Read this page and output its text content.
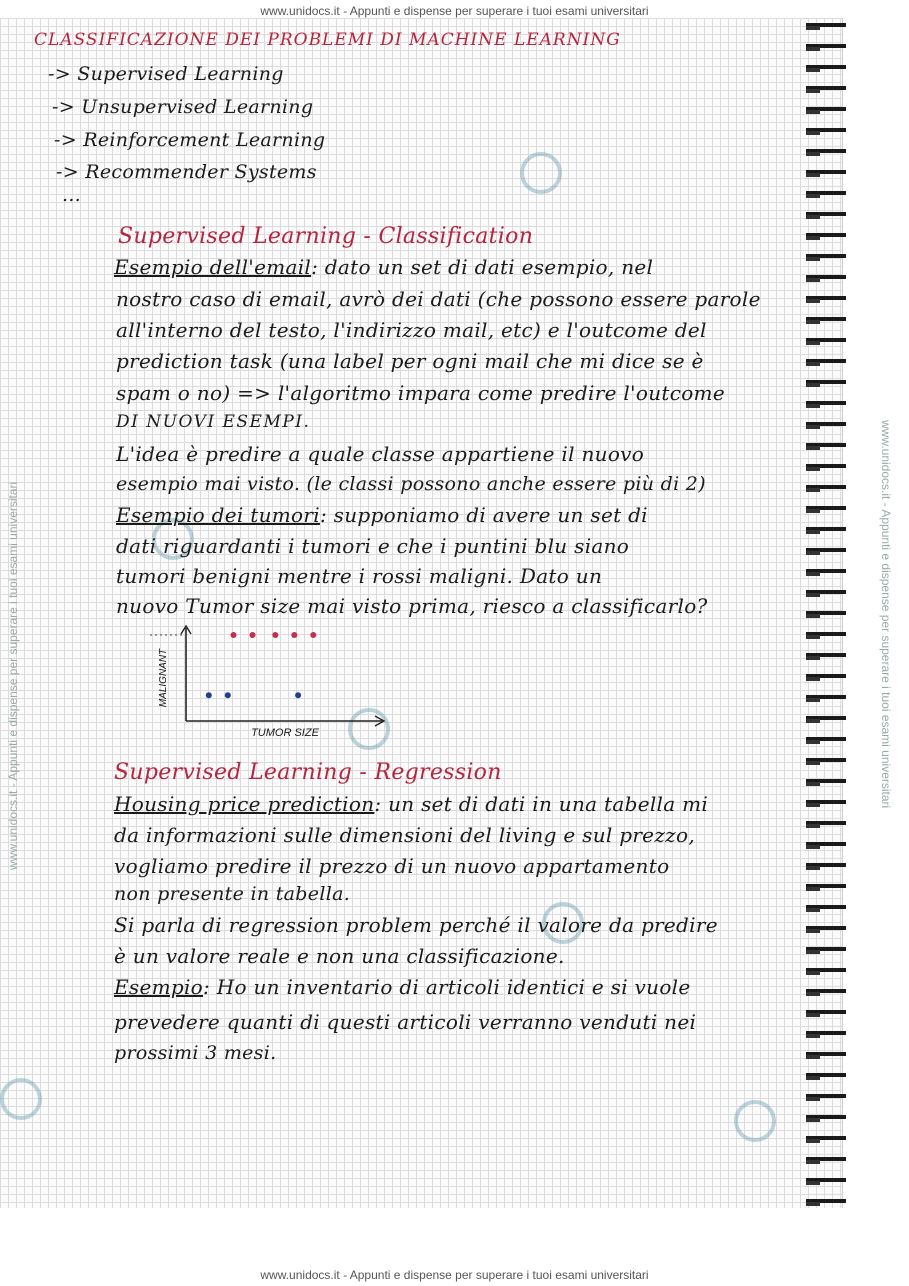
www.unidocs.it - Appunti e dispense per superare i tuoi esami universitari
www.unidocs.it - Appunti e dispense per superare i tuoi esami universitari	www.unidocs.it - Appunti e dispense per superare i tuoi esami universitari
CLASSIFICAZIONE DEI PROBLEMI DI MACHINE LEARNING
-> Supervised Learning
-> Unsupervised Learning
-> Reinforcement Learning
-> Recommender Systems
...
Supervised Learning - Classification
Esempio dell'email: dato un set di dati esempio, nel
nostro caso di email, avrò dei dati (che possono essere parole
all'interno del testo, l'indirizzo mail, etc) e l'outcome del
prediction task (una label per ogni mail che mi dice se è
spam o no) => l'algoritmo impara come predire l'outcome
DI NUOVI ESEMPI.
L'idea è predire a quale classe appartiene il nuovo
esempio mai visto. (le classi possono anche essere più di 2)
Esempio dei tumori: supponiamo di avere un set di
dati riguardanti i tumori e che i puntini blu siano
tumori benigni mentre i rossi maligni. Dato un
nuovo Tumor size mai visto prima, riesco a classificarlo?
MALIGNANT
TUMOR SIZE
Supervised Learning - Regression
Housing price prediction: un set di dati in una tabella mi
da informazioni sulle dimensioni del living e sul prezzo,
vogliamo predire il prezzo di un nuovo appartamento
non presente in tabella.
Si parla di regression problem perché il valore da predire
è un valore reale e non una classificazione.
Esempio: Ho un inventario di articoli identici e si vuole
prevedere quanti di questi articoli verranno venduti nei
prossimi 3 mesi.
www.unidocs.it - Appunti e dispense per superare i tuoi esami universitari
